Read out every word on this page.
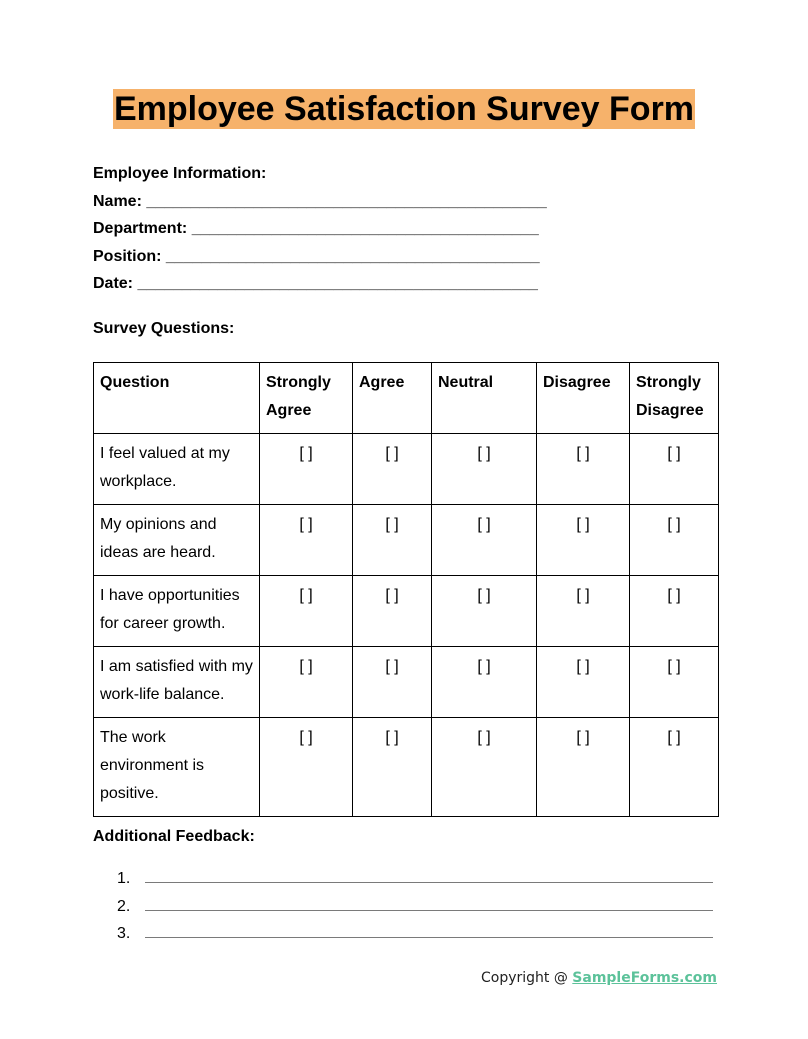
Employee Satisfaction Survey Form
Employee Information:
Name: _____________________________________________
Department: _______________________________________
Position: __________________________________________
Date: _____________________________________________
Survey Questions:
Question	Strongly Agree	Agree	Neutral	Disagree	Strongly Disagree
I feel valued at my workplace.	[ ]	[ ]	[ ]	[ ]	[ ]
My opinions and ideas are heard.	[ ]	[ ]	[ ]	[ ]	[ ]
I have opportunities for career growth.	[ ]	[ ]	[ ]	[ ]	[ ]
I am satisfied with my work-life balance.	[ ]	[ ]	[ ]	[ ]	[ ]
The work environment is positive.	[ ]	[ ]	[ ]	[ ]	[ ]
Additional Feedback:
1.
2.
3.
Copyright @ SampleForms.com
